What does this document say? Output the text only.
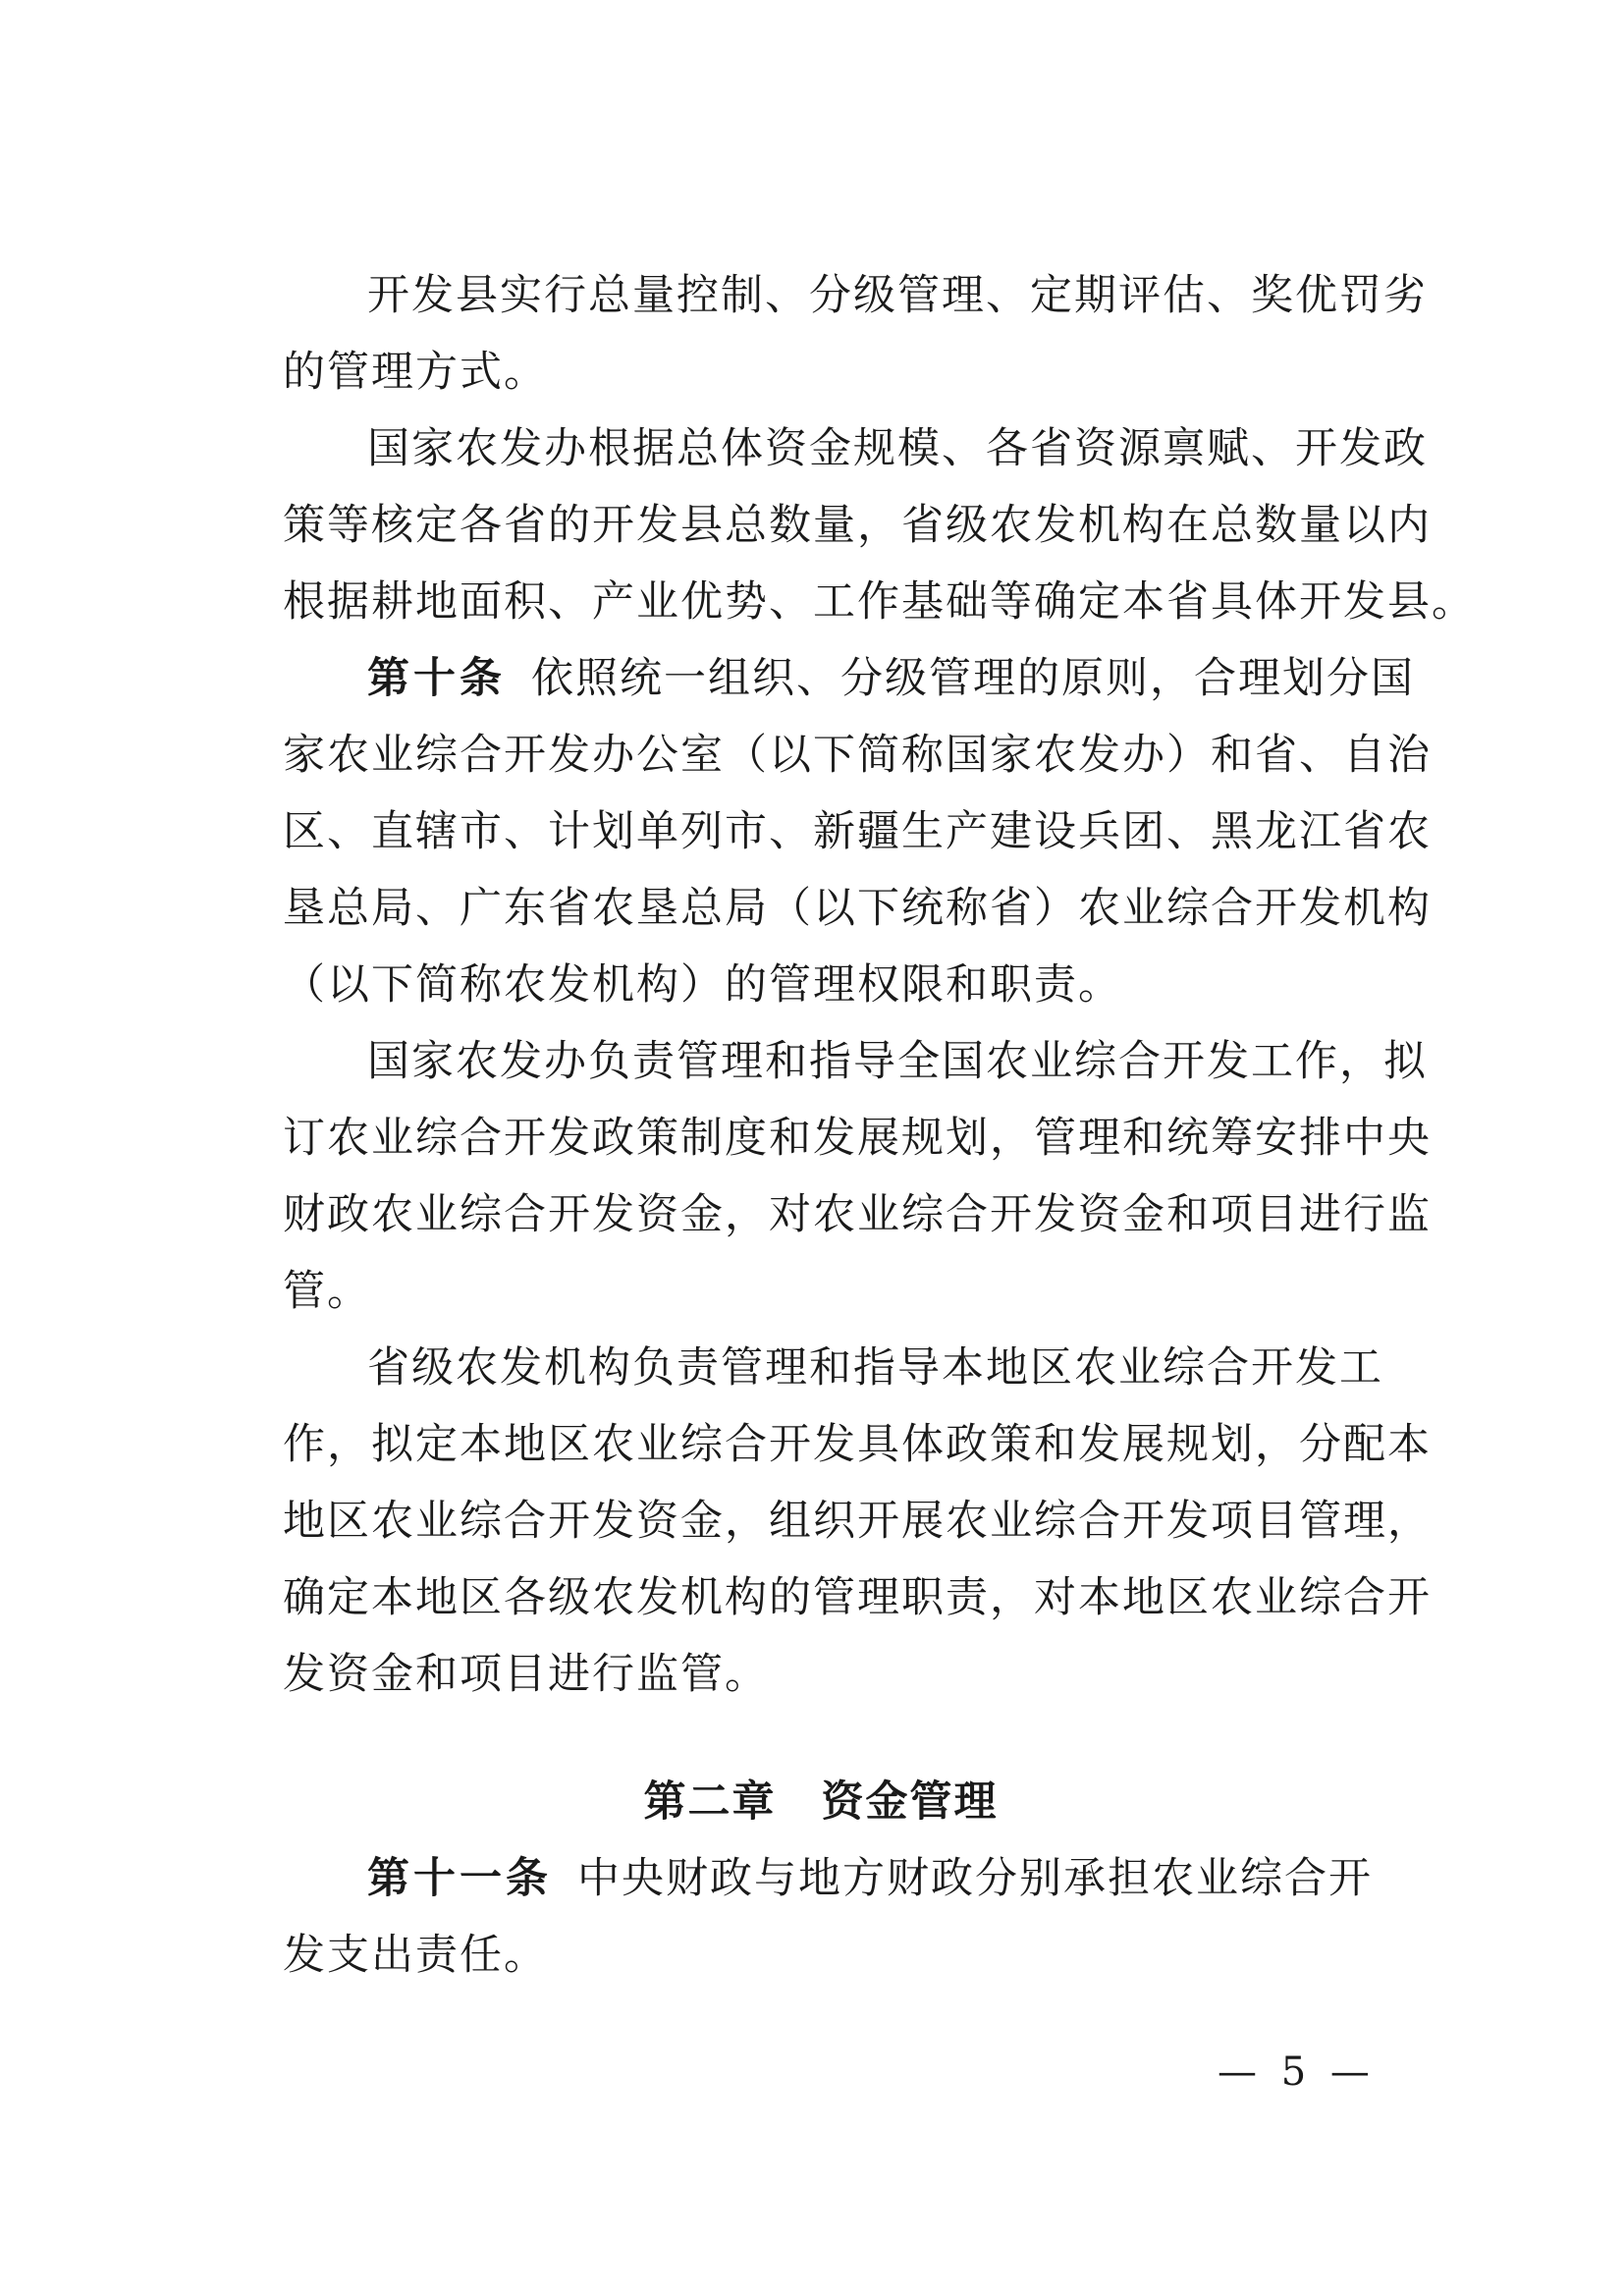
开发县实行总量控制、分级管理、定期评估、奖优罚劣
的管理方式。
国家农发办根据总体资金规模、各省资源禀赋、开发政
策等核定各省的开发县总数量，省级农发机构在总数量以内
根据耕地面积、产业优势、工作基础等确定本省具体开发县。
第十条 依照统一组织、分级管理的原则，合理划分国
家农业综合开发办公室（以下简称国家农发办）和省、自治
区、直辖市、计划单列市、新疆生产建设兵团、黑龙江省农
垦总局、广东省农垦总局（以下统称省）农业综合开发机构
（以下简称农发机构）的管理权限和职责。
国家农发办负责管理和指导全国农业综合开发工作，拟
订农业综合开发政策制度和发展规划，管理和统筹安排中央
财政农业综合开发资金，对农业综合开发资金和项目进行监
管。
省级农发机构负责管理和指导本地区农业综合开发工
作，拟定本地区农业综合开发具体政策和发展规划，分配本
地区农业综合开发资金，组织开展农业综合开发项目管理，
确定本地区各级农发机构的管理职责，对本地区农业综合开
发资金和项目进行监管。
第二章 资金管理
第十一条 中央财政与地方财政分别承担农业综合开
发支出责任。
— 5 —
